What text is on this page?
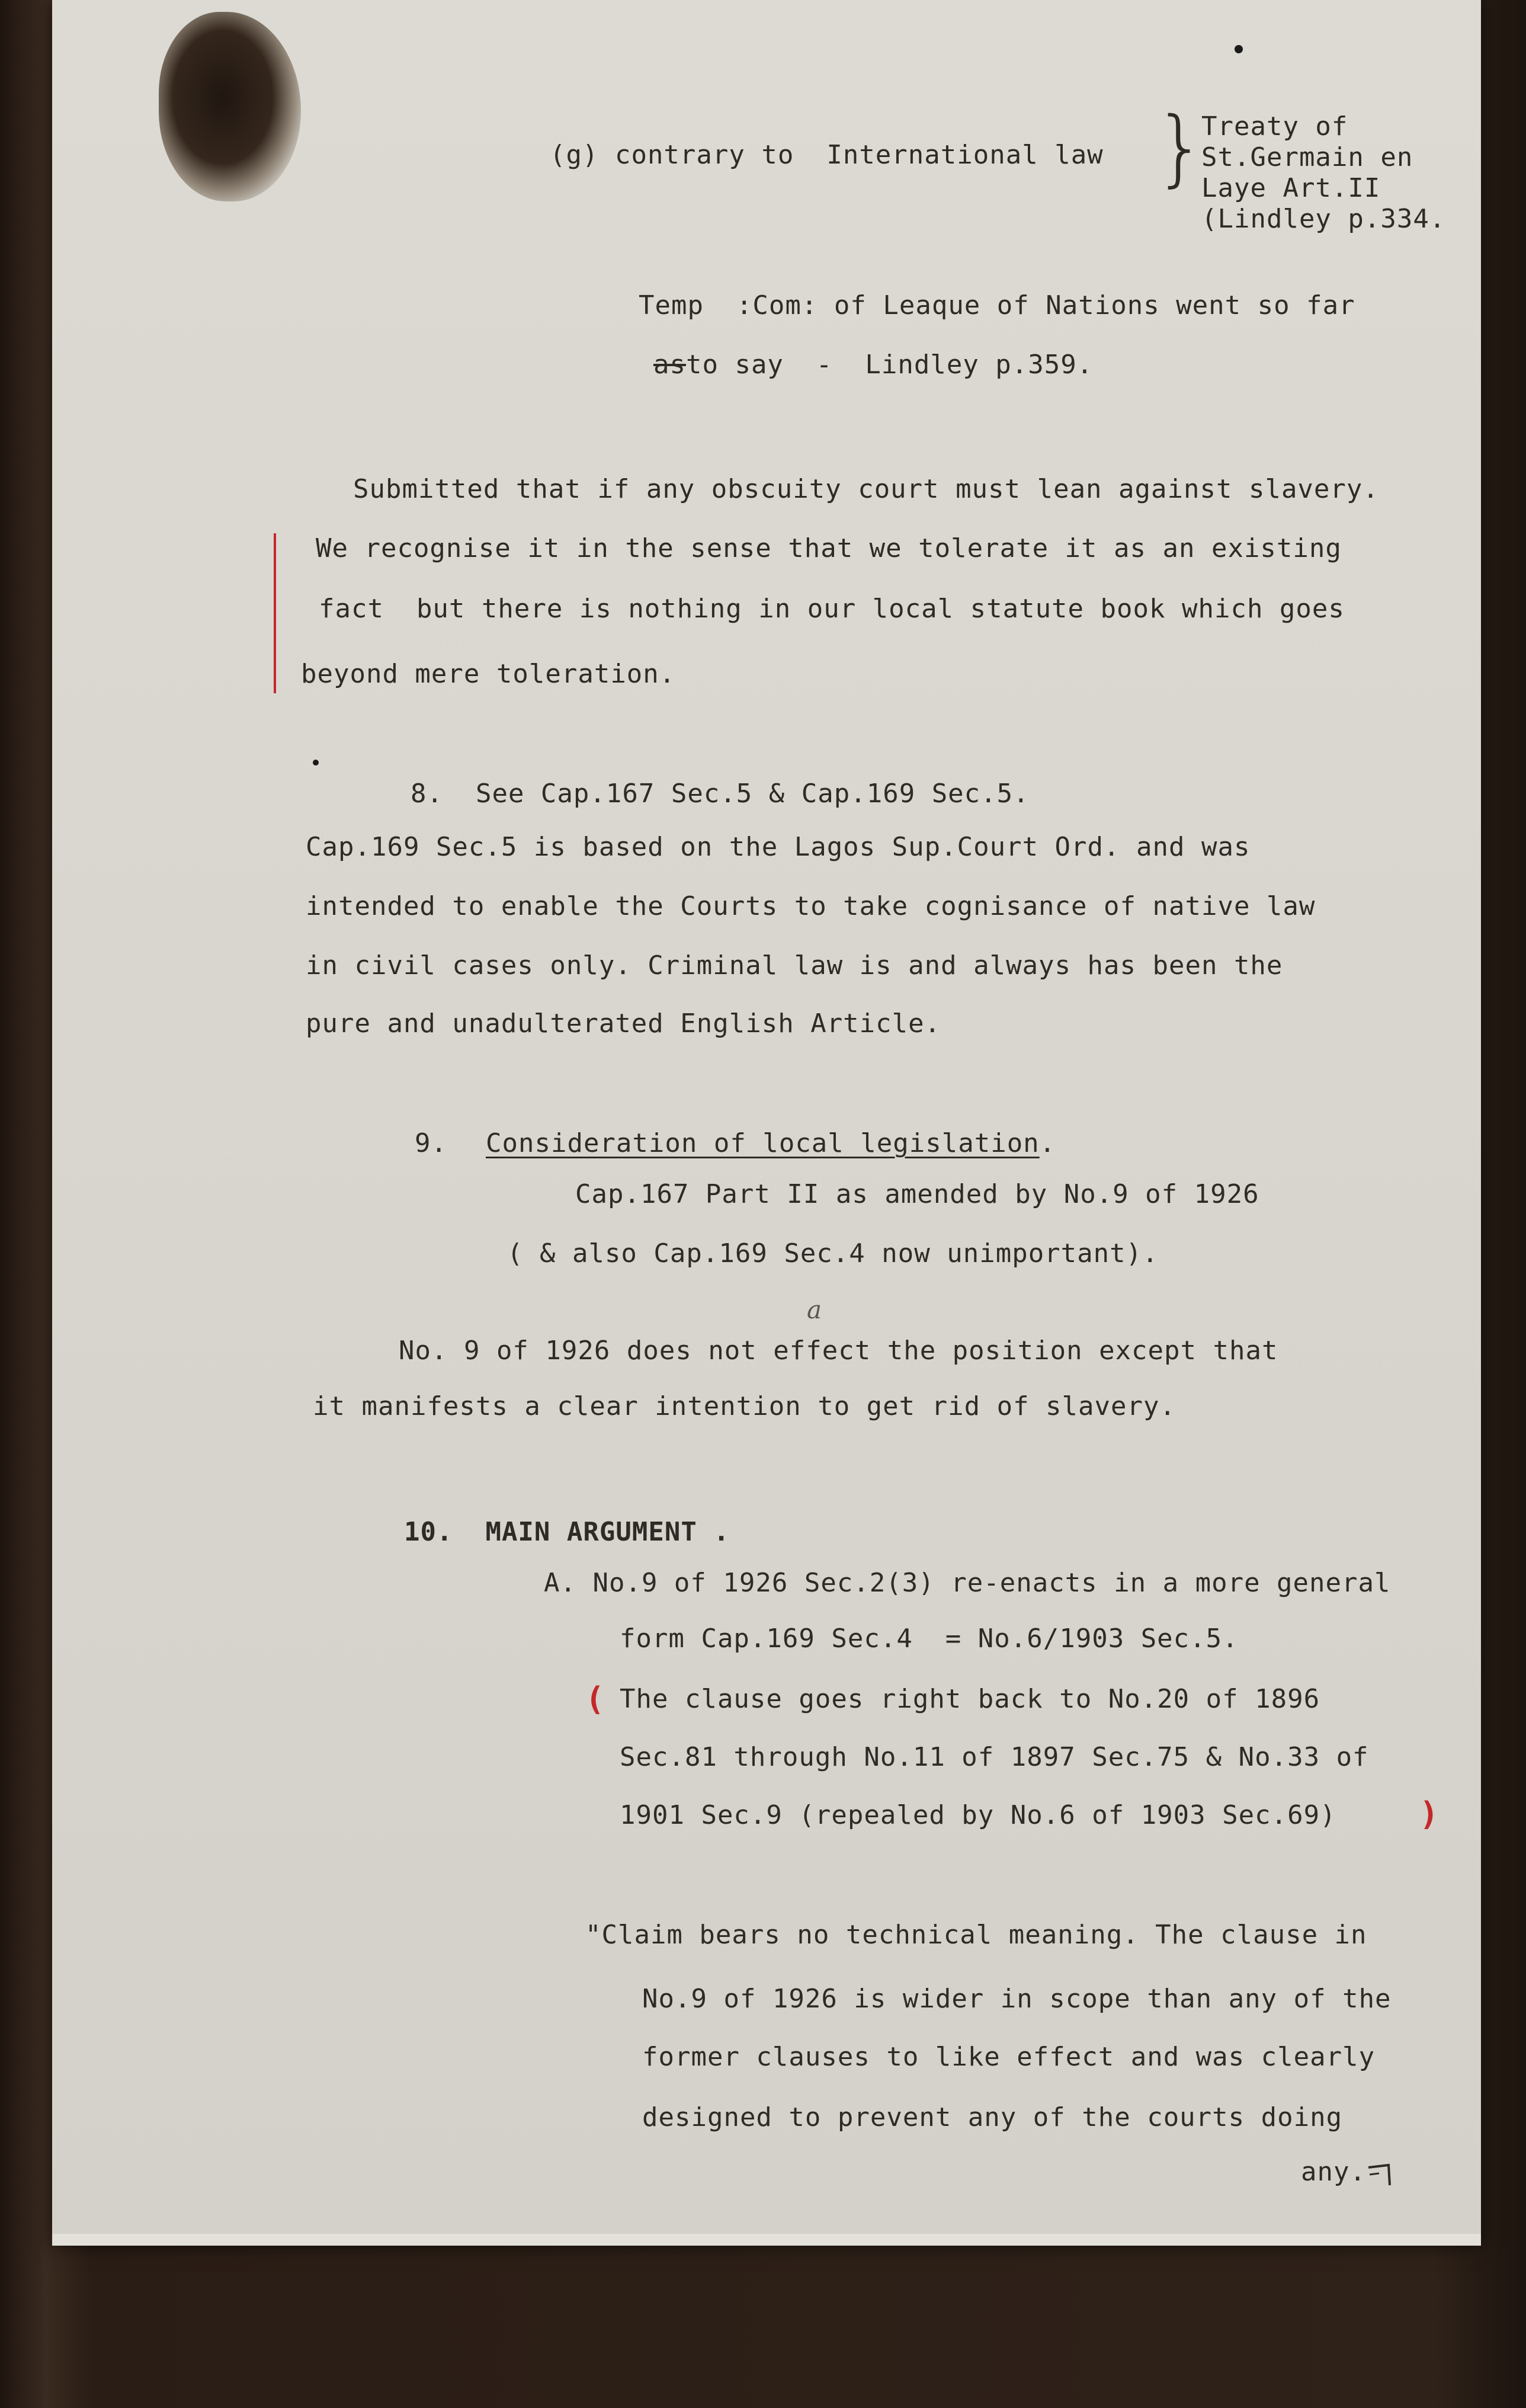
(g) contrary to  International law }

Treaty of

St.Germain en

Laye Art.II

(Lindley p.334.

Temp  :Com: of Leaque of Nations went so far

asto say  -  Lindley p.359.

Submitted that if any obscuity court must lean against slavery.

We recognise it in the sense that we tolerate it as an existing

fact  but there is nothing in our local statute book which goes

beyond mere toleration.

8.  See Cap.167 Sec.5 & Cap.169 Sec.5.

Cap.169 Sec.5 is based on the Lagos Sup.Court Ord. and was

intended to enable the Courts to take cognisance of native law

in civil cases only. Criminal law is and always has been the

pure and unadulterated English Article.

9. Consideration of local legislation.

Cap.167 Part II as amended by No.9 of 1926

( & also Cap.169 Sec.4 now unimportant).

a

No. 9 of 1926 does not effect the position except that

it manifests a clear intention to get rid of slavery.

10.  MAIN ARGUMENT .

A. No.9 of 1926 Sec.2(3) re-enacts in a more general

form Cap.169 Sec.4  = No.6/1903 Sec.5.

( The clause goes right back to No.20 of 1896

Sec.81 through No.11 of 1897 Sec.75 & No.33 of

1901 Sec.9 (repealed by No.6 of 1903 Sec.69)	)

"Claim bears no technical meaning. The clause in

No.9 of 1926 is wider in scope than any of the

former clauses to like effect and was clearly

designed to prevent any of the courts doing

any.
